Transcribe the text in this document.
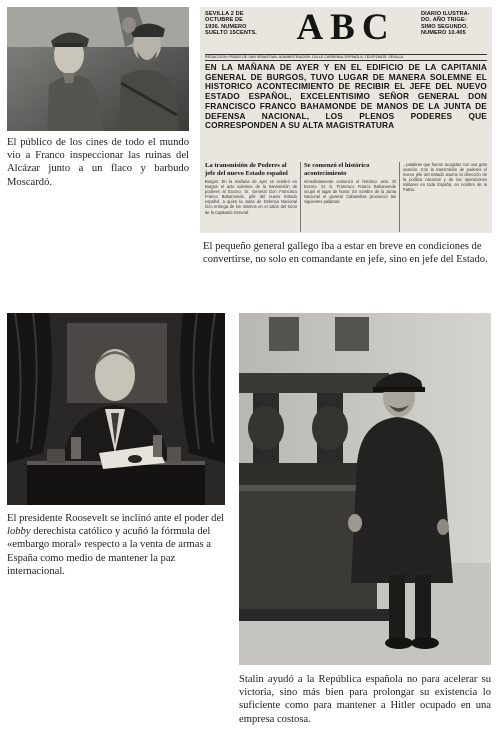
El público de los cines de todo el mundo vio a Franco inspeccionar las ruinas del Alcázar junto a un flaco y barbudo Moscardó.

SEVILLA 2 DE
OCTUBRE DE
1936. NUMERO
SUELTO 15CENTS.	ABC	DIARIO ILUSTRA-
DO. AÑO TRIGE-
SIMO SEGUNDO.
NUMERO 10.405
REDACCION: PRADO DE SAN SEBASTIAN. ADMINISTRACION: CALLE CARDENAL ESPINOLA. TELEFONOS. SEVILLA
EN LA MAÑANA DE AYER Y EN EL EDIFICIO DE LA CAPITANIA GENERAL DE BURGOS, TUVO LUGAR DE MANERA SOLEMNE EL HISTORICO ACONTECIMIENTO DE RECIBIR EL JEFE DEL NUEVO ESTADO ESPAÑOL, EXCELENTISIMO SEÑOR GENERAL DON FRANCISCO FRANCO BAHAMONDE DE MANOS DE LA JUNTA DE DEFENSA NACIONAL, LOS PLENOS PODERES QUE CORRESPONDEN A SU ALTA MAGISTRATURA
La transmisión de Poderes al jefe del nuevo Estado español
Burgos. En la mañana de ayer se celebró en Burgos el acto solemne de la transmisión de poderes al Excmo. Sr. General Don Francisco Franco Bahamonde, jefe del nuevo Estado español, a quien la Junta de Defensa Nacional hizo entrega de los mismos en el salón del trono de la Capitanía General.
Se comenzó el histórico acontecimiento
Inmediatamente comenzó el histórico acto. El Excmo. Sr. D. Francisco Franco Bahamonde ocupó el lugar de honor. En nombre de la Junta Nacional el general Cabanellas pronunció las siguientes palabras:
...palabras que fueron acogidas con una gran ovación. Con la transmisión de poderes el nuevo jefe del Estado asume la dirección de la política nacional y de las operaciones militares en toda España, en nombre de la Patria.

El pequeño general gallego iba a estar en breve en condiciones de convertirse, no solo en comandante en jefe, sino en jefe del Estado.

El presidente Roosevelt se inclinó ante el poder del lobby derechista católico y acuñó la fórmula del «embargo moral» respecto a la venta de armas a España como medio de mantener la paz internacional.

Stalin ayudó a la República española no para acelerar su victoria, sino más bien para prolongar su existencia lo suficiente como para mantener a Hitler ocupado en una empresa costosa.
